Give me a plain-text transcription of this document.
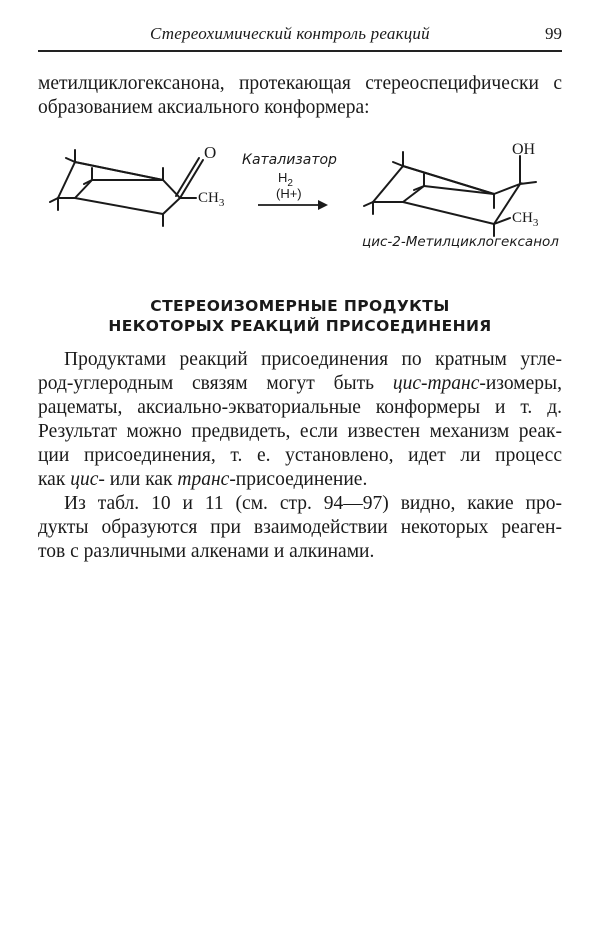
Стереохимический контроль реакций	99
метилциклогексанона, протекающая стереоспецифически с
образованием аксиального конформера:
O
$CH_3$
Катализатор
$H_2$
(H+)
OH
$CH_3$
цис-2-Метилциклогексанол
СТЕРЕОИЗОМЕРНЫЕ ПРОДУКТЫ
НЕКОТОРЫХ РЕАКЦИЙ ПРИСОЕДИНЕНИЯ
Продуктами реакций присоединения по кратным угле-
род-углеродным связям могут быть цис-транс-изомеры,
рацематы, аксиально-экваториальные конформеры и т. д.
Результат можно предвидеть, если известен механизм реак-
ции присоединения, т. е. установлено, идет ли процесс
как цис- или как транс-присоединение.
Из табл. 10 и 11 (см. стр. 94—97) видно, какие про-
дукты образуются при взаимодействии некоторых реаген-
тов с различными алкенами и алкинами.
